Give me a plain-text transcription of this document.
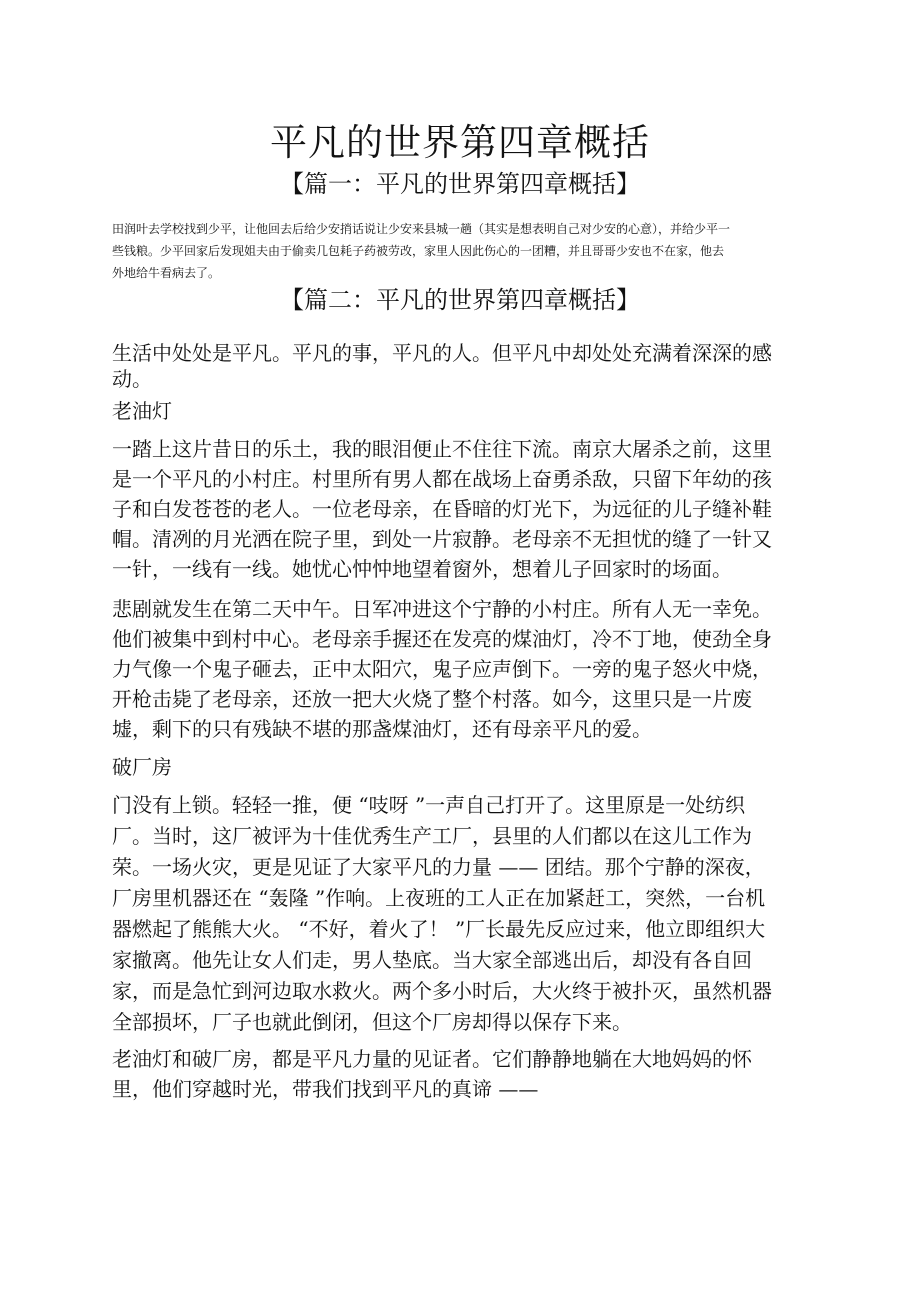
平凡的世界第四章概括
【篇一：平凡的世界第四章概括】

田润叶去学校找到少平，让他回去后给少安捎话说让少安来县城一趟（其实是想表明自己对少安的心意），并给少平一些钱粮。少平回家后发现姐夫由于偷卖几包耗子药被劳改，家里人因此伤心的一团糟，并且哥哥少安也不在家，他去外地给牛看病去了。

【篇二：平凡的世界第四章概括】

生活中处处是平凡。平凡的事，平凡的人。但平凡中却处处充满着深深的感动。

老油灯

一踏上这片昔日的乐土，我的眼泪便止不住往下流。南京大屠杀之前，这里是一个平凡的小村庄。村里所有男人都在战场上奋勇杀敌，只留下年幼的孩子和白发苍苍的老人。一位老母亲，在昏暗的灯光下，为远征的儿子缝补鞋帽。清冽的月光洒在院子里，到处一片寂静。老母亲不无担忧的缝了一针又一针，一线有一线。她忧心忡忡地望着窗外，想着儿子回家时的场面。

悲剧就发生在第二天中午。日军冲进这个宁静的小村庄。所有人无一幸免。他们被集中到村中心。老母亲手握还在发亮的煤油灯，冷不丁地，使劲全身力气像一个鬼子砸去，正中太阳穴，鬼子应声倒下。一旁的鬼子怒火中烧，开枪击毙了老母亲，还放一把大火烧了整个村落。如今，这里只是一片废墟，剩下的只有残缺不堪的那盏煤油灯，还有母亲平凡的爱。

破厂房

门没有上锁。轻轻一推，便 “吱呀 ”一声自己打开了。这里原是一处纺织厂。当时，这厂被评为十佳优秀生产工厂，县里的人们都以在这儿工作为荣。一场火灾，更是见证了大家平凡的力量 —— 团结。那个宁静的深夜，厂房里机器还在 “轰隆 ”作响。上夜班的工人正在加紧赶工，突然，一台机器燃起了熊熊大火。 “不好，着火了！ ”厂长最先反应过来，他立即组织大家撤离。他先让女人们走，男人垫底。当大家全部逃出后，却没有各自回家，而是急忙到河边取水救火。两个多小时后，大火终于被扑灭，虽然机器全部损坏，厂子也就此倒闭，但这个厂房却得以保存下来。

老油灯和破厂房，都是平凡力量的见证者。它们静静地躺在大地妈妈的怀里，他们穿越时光，带我们找到平凡的真谛 ——
